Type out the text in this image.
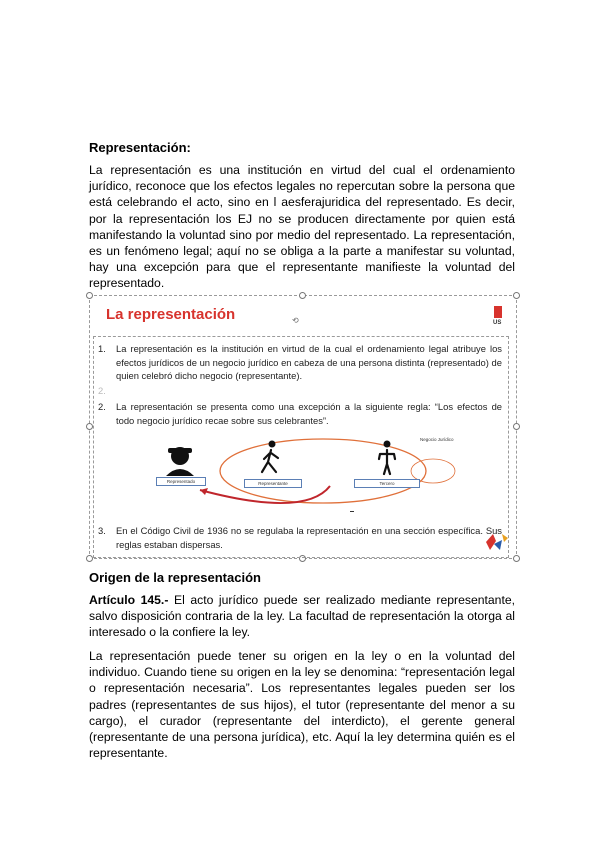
Representación:
La representación es una institución en virtud del cual el ordenamiento jurídico, reconoce que los efectos legales no repercutan sobre la persona que está celebrando el acto, sino en l aesferajuridica del representado. Es decir, por la representación los EJ no se producen directamente por quien está manifestando la voluntad sino por medio del representado. La representación, es un fenómeno legal; aquí no se obliga a la parte a manifestar su voluntad, hay una excepción para que el representante manifieste la voluntad del representado.
⟲
La representación	US
1. La representación es la institución en virtud de la cual el ordenamiento legal atribuye los efectos jurídicos de un negocio jurídico en cabeza de una persona distinta (representado) de quien celebró dicho negocio (representante).
2.
2. La representación se presenta como una excepción a la siguiente regla: “Los efectos de todo negocio jurídico recae sobre sus celebrantes”.
Representado	Representante	Tercero
Negocio Jurídico
3. En el Código Civil de 1936 no se regulaba la representación en una sección específica. Sus reglas estaban dispersas.
Origen de la representación
Artículo 145.- El acto jurídico puede ser realizado mediante representante, salvo disposición contraria de la ley. La facultad de representación la otorga al interesado o la confiere la ley.
La representación puede tener su origen en la ley o en la voluntad del individuo. Cuando tiene su origen en la ley se denomina: “representación legal o representación necesaria”. Los representantes legales pueden ser los padres (representantes de sus hijos), el tutor (representante del menor a su cargo), el curador (representante del interdicto), el gerente general (representante de una persona jurídica), etc. Aquí la ley determina quién es el representante.
